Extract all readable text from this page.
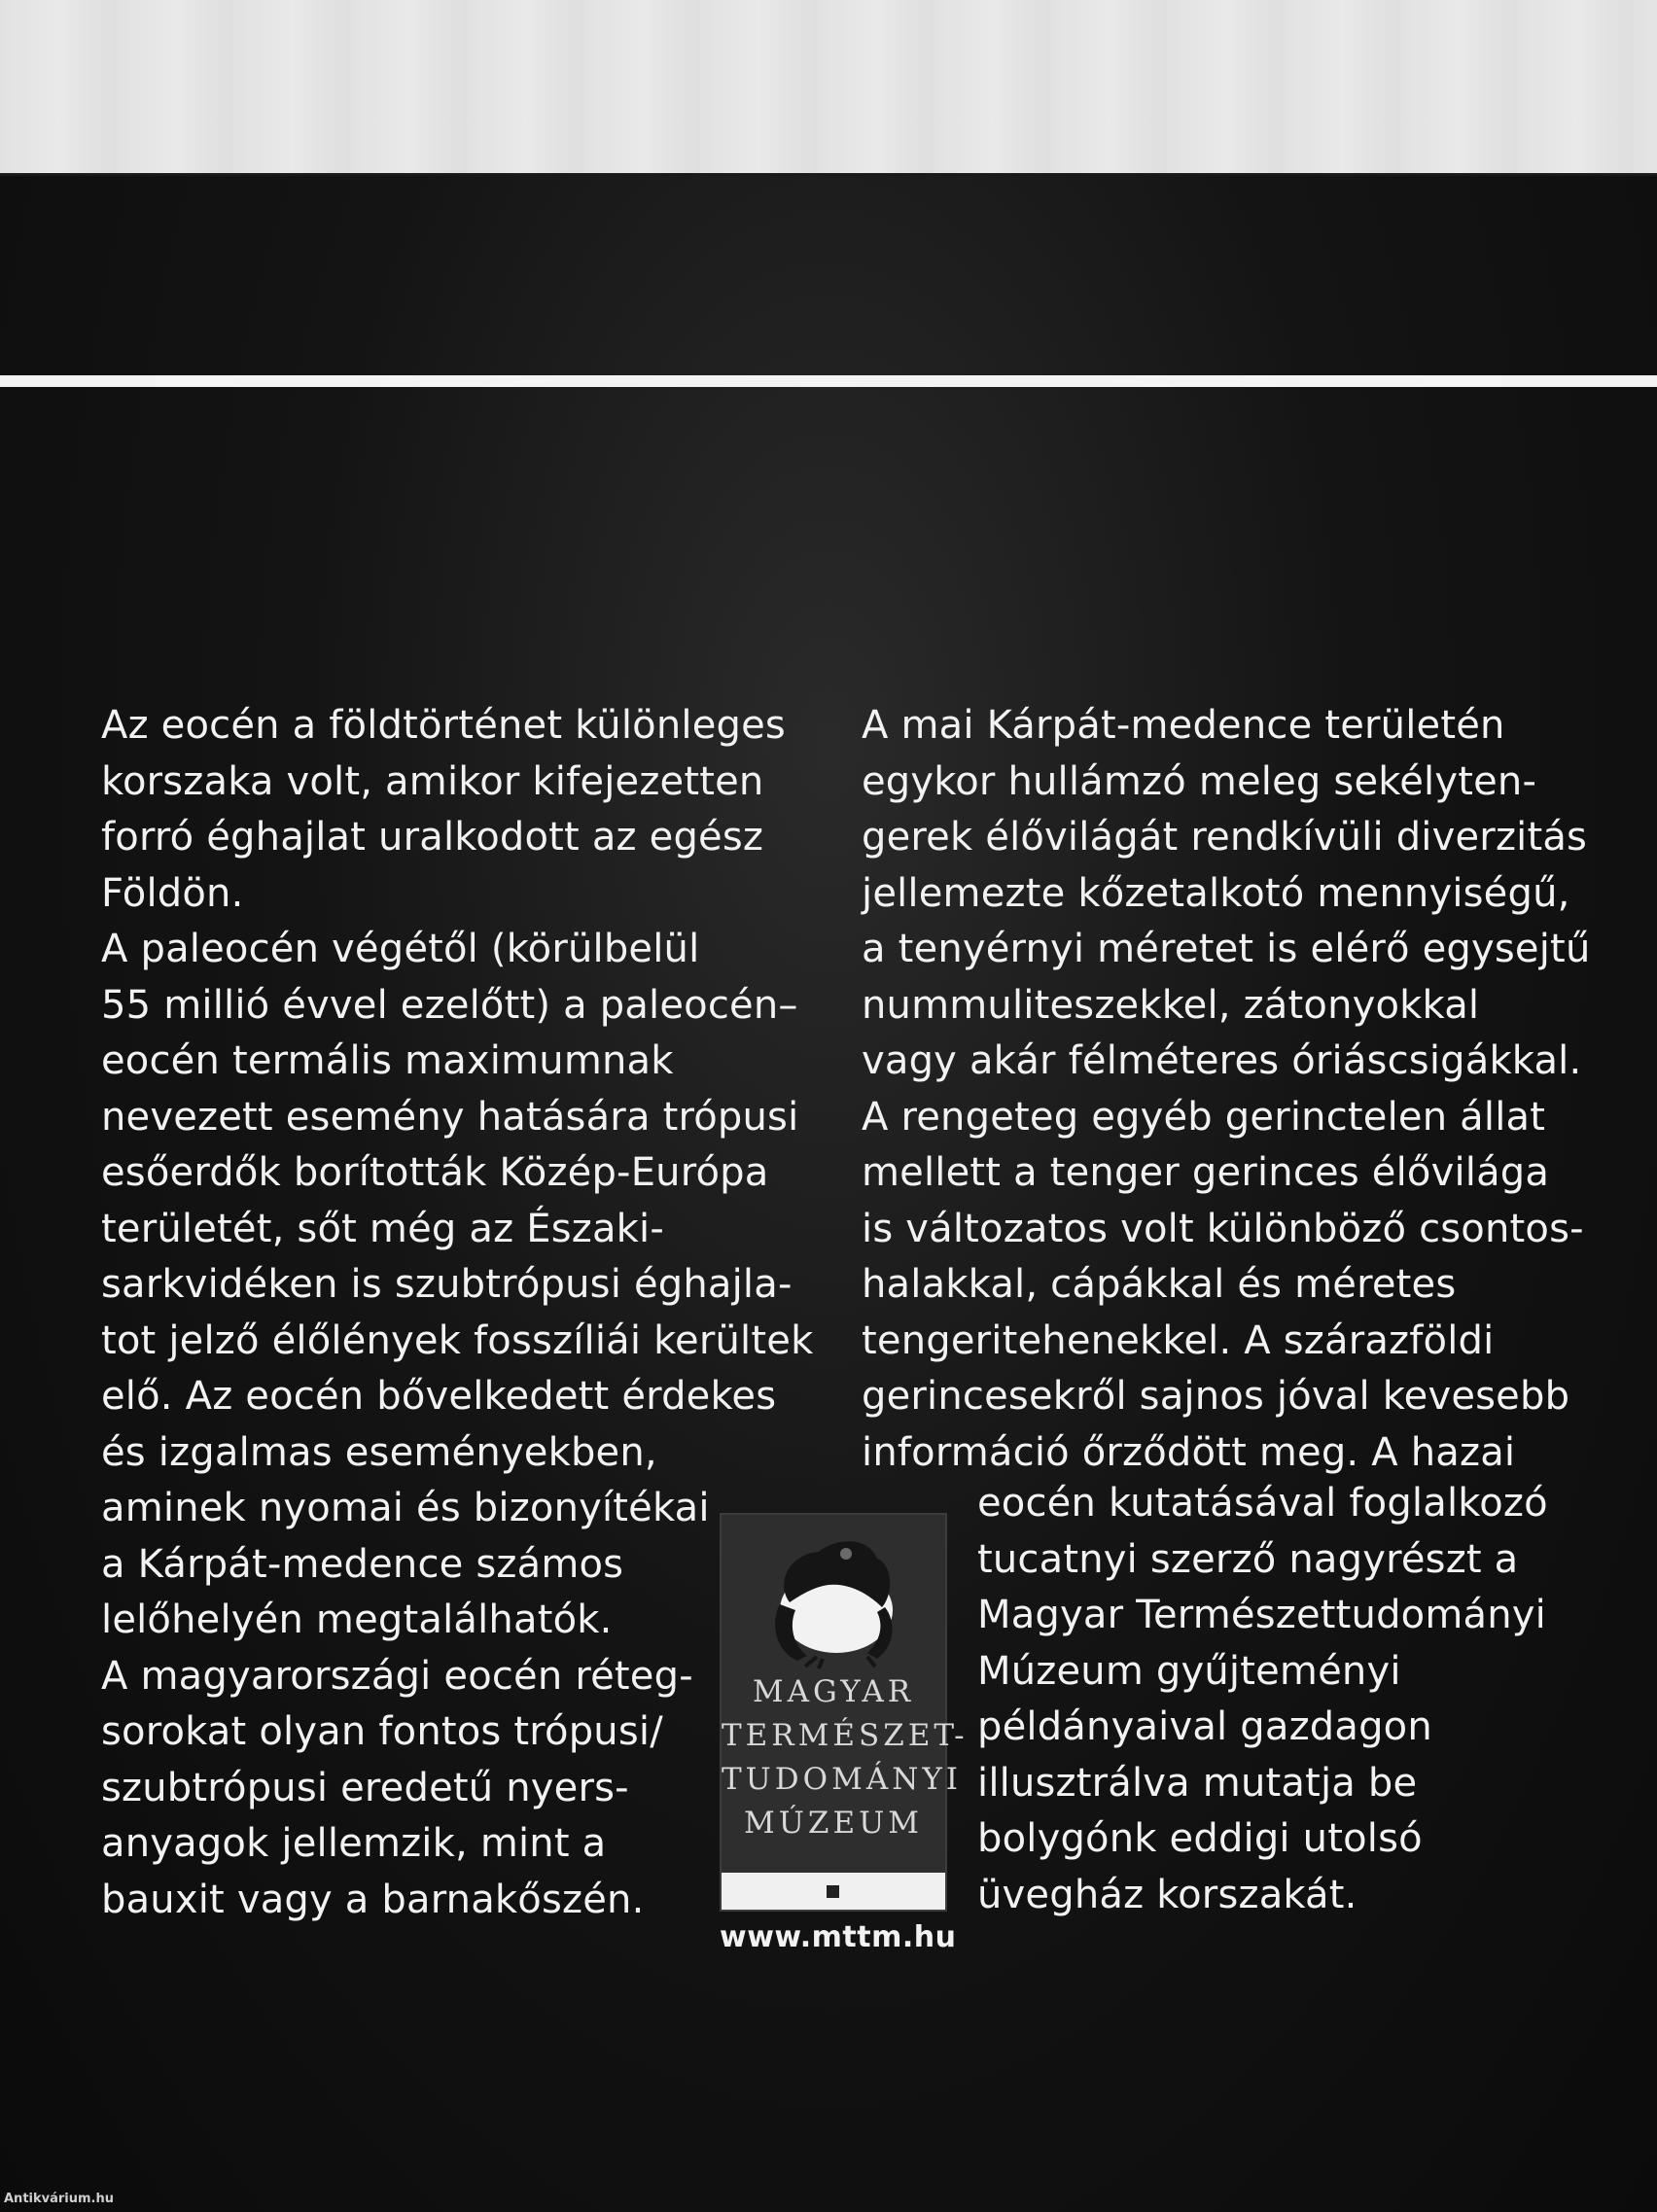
Az eocén a földtörténet különleges
korszaka volt, amikor kifejezetten
forró éghajlat uralkodott az egész
Földön.
A paleocén végétől (körülbelül
55 millió évvel ezelőtt) a paleocén–
eocén termális maximumnak
nevezett esemény hatására trópusi
esőerdők borították Közép-Európa
területét, sőt még az Északi-
sarkvidéken is szubtrópusi éghajla-
tot jelző élőlények fosszíliái kerültek
elő. Az eocén bővelkedett érdekes
és izgalmas eseményekben,
aminek nyomai és bizonyítékai
a Kárpát-medence számos
lelőhelyén megtalálhatók.
A magyarországi eocén réteg-
sorokat olyan fontos trópusi/
szubtrópusi eredetű nyers-
anyagok jellemzik, mint a
bauxit vagy a barnakőszén.

A mai Kárpát-medence területén
egykor hullámzó meleg sekélyten-
gerek élővilágát rendkívüli diverzitás
jellemezte kőzetalkotó mennyiségű,
a tenyérnyi méretet is elérő egysejtű
nummuliteszekkel, zátonyokkal
vagy akár félméteres óriáscsigákkal.
A rengeteg egyéb gerinctelen állat
mellett a tenger gerinces élővilága
is változatos volt különböző csontos-
halakkal, cápákkal és méretes
tengeritehenekkel. A szárazföldi
gerincesekről sajnos jóval kevesebb
információ őrződött meg. A hazai

eocén kutatásával foglalkozó
tucatnyi szerző nagyrészt a
Magyar Természettudományi
Múzeum gyűjteményi
példányaival gazdagon
illusztrálva mutatja be
bolygónk eddigi utolsó
üvegház korszakát.

MAGYAR
TERMÉSZET-
TUDOMÁNYI
MÚZEUM
www.mttm.hu
Antikvárium.hu
